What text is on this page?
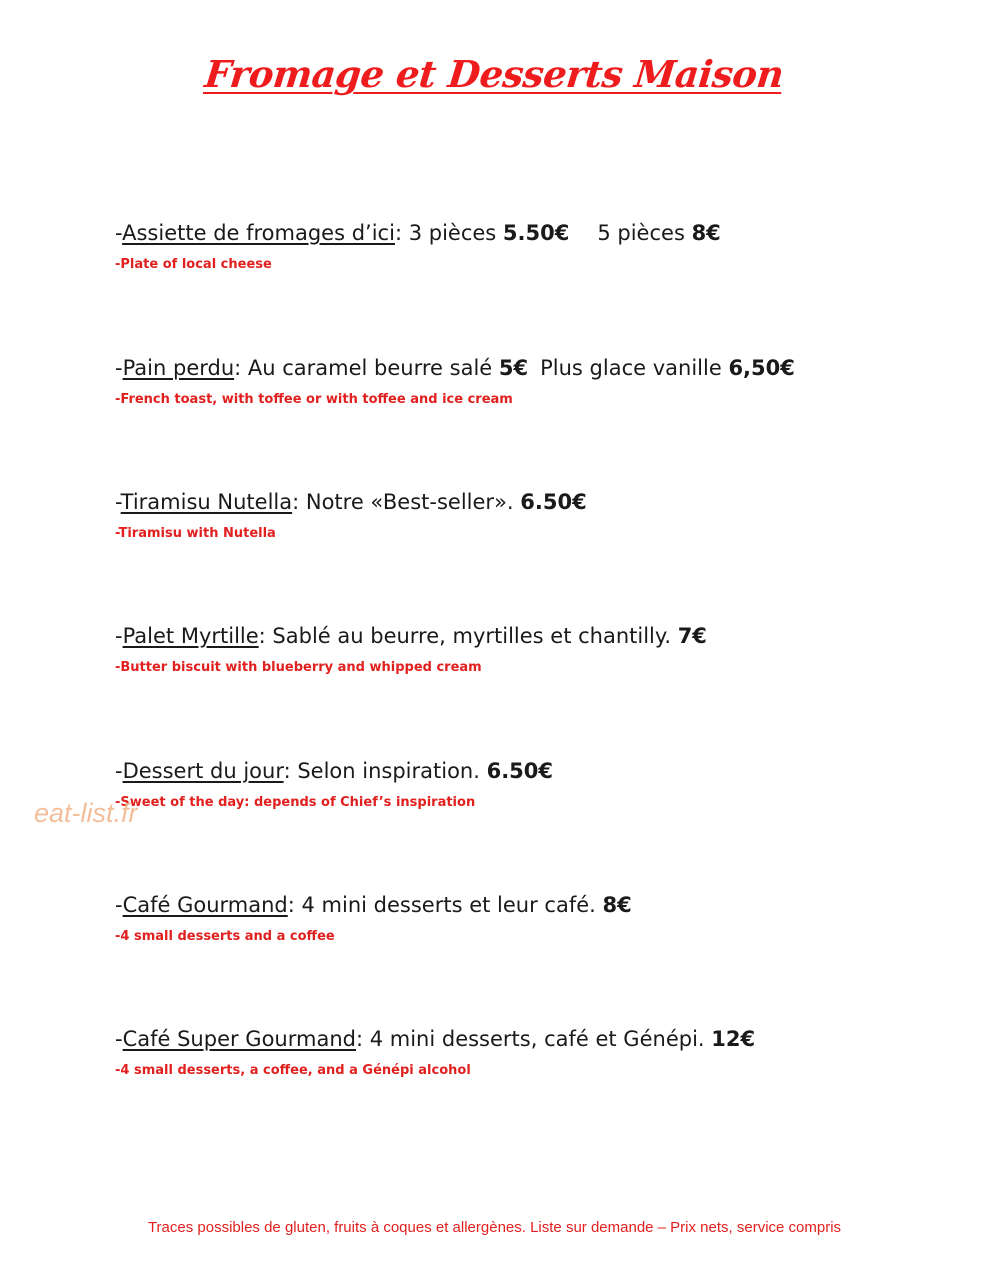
Fromage et Desserts Maison
-Assiette de fromages d’ici: 3 pièces 5.50€ 5 pièces 8€
-Plate of local cheese
-Pain perdu: Au caramel beurre salé 5€ Plus glace vanille 6,50€
-French toast, with toffee or with toffee and ice cream
-Tiramisu Nutella: Notre «Best-seller». 6.50€
-Tiramisu with Nutella
-Palet Myrtille: Sablé au beurre, myrtilles et chantilly. 7€
-Butter biscuit with blueberry and whipped cream
-Dessert du jour: Selon inspiration. 6.50€
-Sweet of the day: depends of Chief’s inspiration
-Café Gourmand: 4 mini desserts et leur café. 8€
-4 small desserts and a coffee
-Café Super Gourmand: 4 mini desserts, café et Génépi. 12€
-4 small desserts, a coffee, and a Génépi alcohol
eat-list.fr
Traces possibles de gluten, fruits à coques et allergènes. Liste sur demande – Prix nets, service compris
